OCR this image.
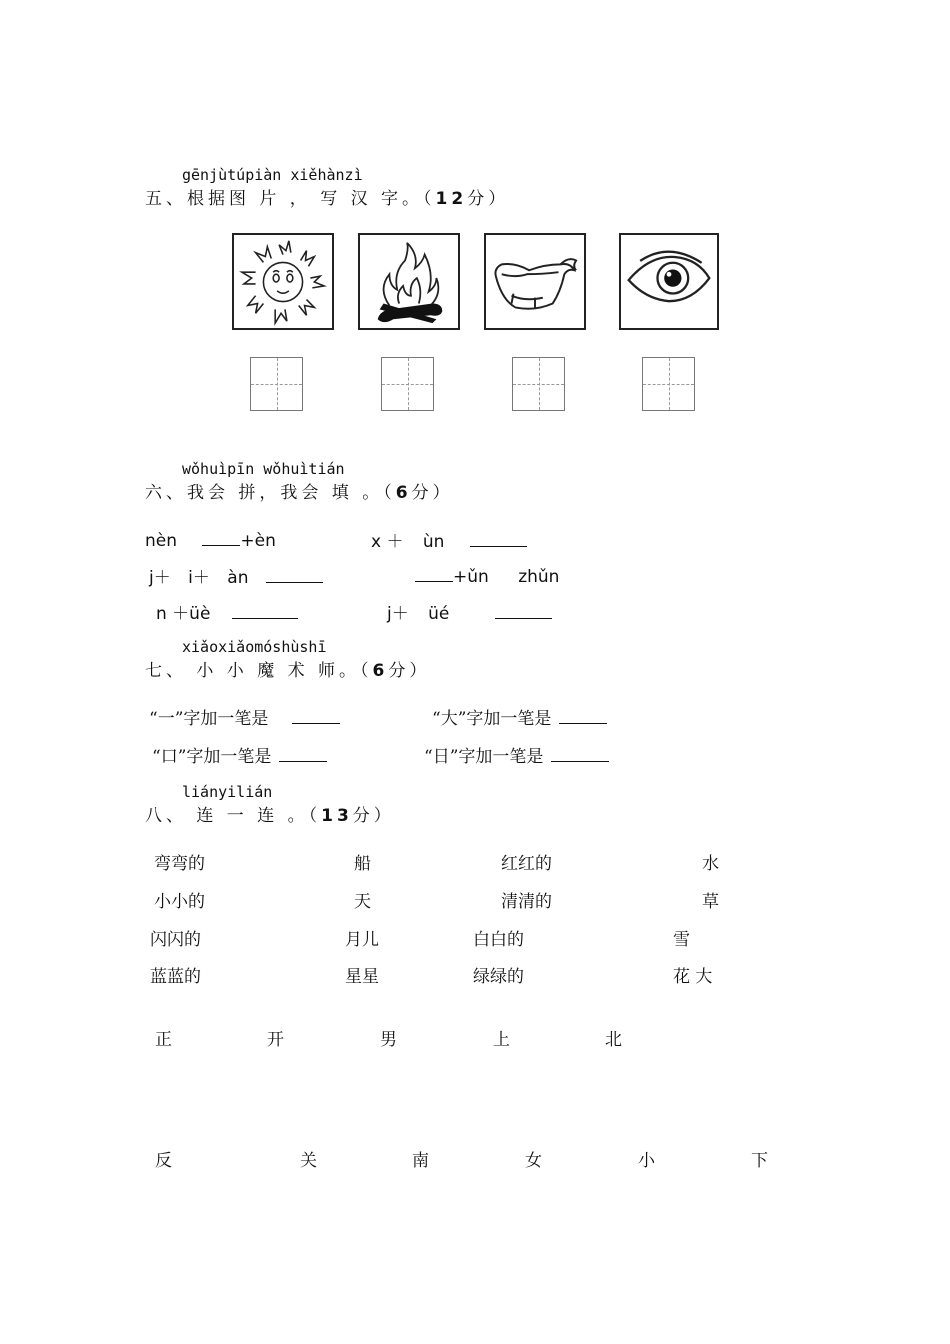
gēnjùtúpiàn xiěhànzì
五、根据图 片 ， 写 汉 字。（12分）
wǒhuìpīn wǒhuìtián
六、我会 拼，我会 填 。（6分）
nèn	+èn	x ＋ ùn
j＋ i＋ àn	+ǔn zhǔn
n ＋üè	j＋ üé
xiǎoxiǎomóshùshī
七、 小 小 魔 术 师。（6分）
“一”字加一笔是	“大”字加一笔是
“口”字加一笔是	“日”字加一笔是
liányilián
八、 连 一 连 。（13分）
弯弯的	船	红红的	水
小小的	天	清清的	草
闪闪的	月儿	白白的	雪
蓝蓝的	星星	绿绿的	花 大
正	开	男	上	北
反	关	南	女	小	下
